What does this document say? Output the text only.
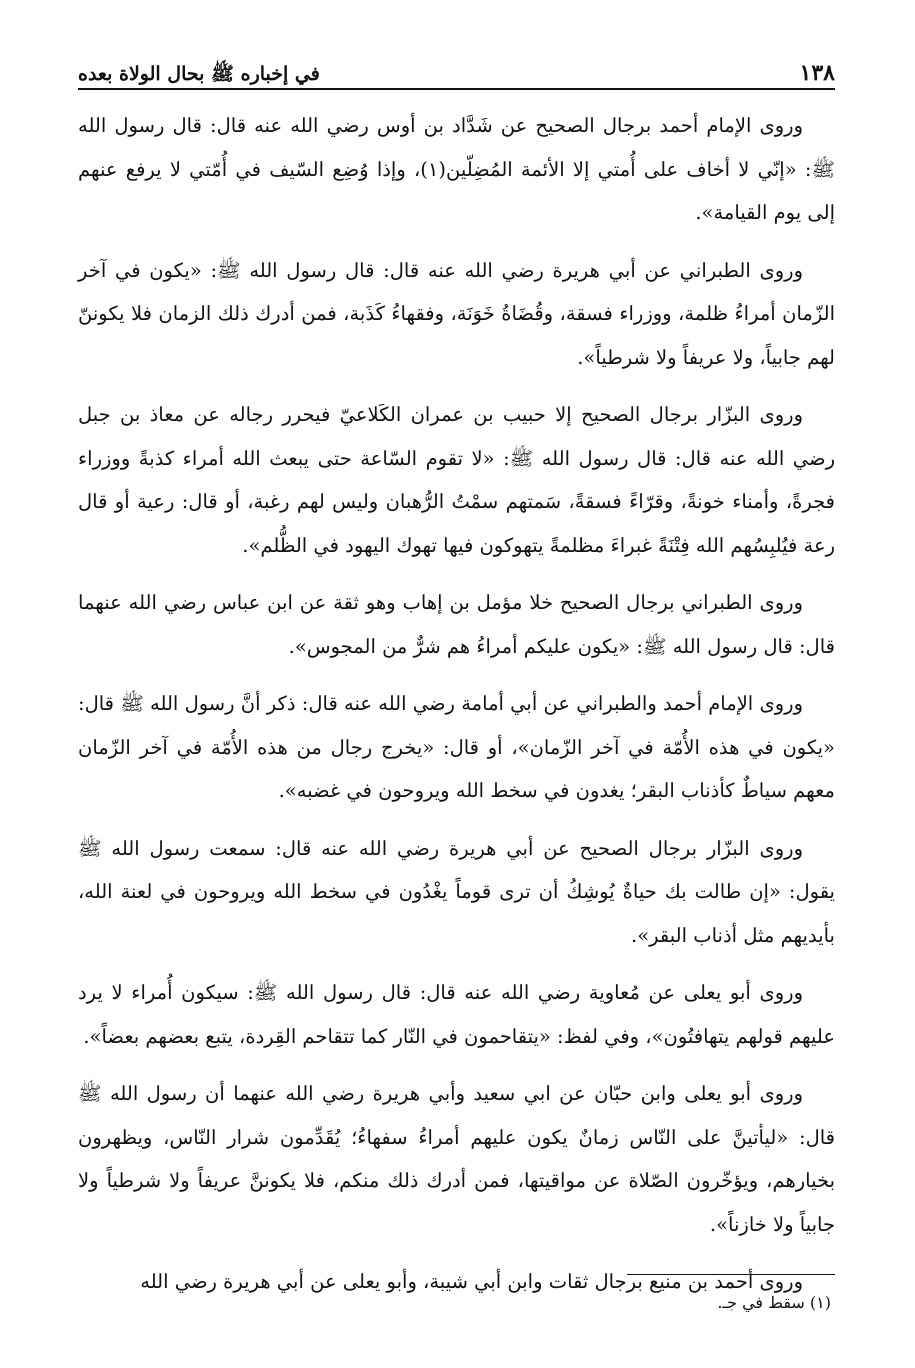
١٣٨
في إخباره ﷺ بحال الولاة بعده

وروى الإمام أحمد برجال الصحيح عن شَدَّاد بن أوس رضي الله عنه قال: قال رسول الله ﷺ: «إنّي لا أخاف على أُمتي إلا الأئمة المُضِلّين(١)، وإذا وُضِع السّيف في أُمّتي لا يرفع عنهم إلى يوم القيامة».

وروى الطبراني عن أبي هريرة رضي الله عنه قال: قال رسول الله ﷺ: «يكون في آخر الزّمان أمراءُ ظلمة، ووزراء فسقة، وقُضَاةُ خَوَنَة، وفقهاءُ كَذَبة، فمن أدرك ذلك الزمان فلا يكوننّ لهم جابياً، ولا عريفاً ولا شرطياً».

وروى البزّار برجال الصحيح إلا حبيب بن عمران الكَلاعيّ فيحرر رجاله عن معاذ بن جبل رضي الله عنه قال: قال رسول الله ﷺ: «لا تقوم السّاعة حتى يبعث الله أمراء كذبةً ووزراء فجرةً، وأمناء خونةً، وقرّاءً فسقةً، سَمتهم سمْتُ الرُّهبان وليس لهم رغبة، أو قال: رعية أو قال رعة فيُلبِسُهم الله فِتْنَةً غبراءَ مظلمةً يتهوكون فيها تهوك اليهود في الظُّلم».

وروى الطبراني برجال الصحيح خلا مؤمل بن إهاب وهو ثقة عن ابن عباس رضي الله عنهما قال: قال رسول الله ﷺ: «يكون عليكم أمراءُ هم شرٌّ من المجوس».

وروى الإمام أحمد والطبراني عن أبي أمامة رضي الله عنه قال: ذكر أنَّ رسول الله ﷺ قال: «يكون في هذه الأُمّة في آخر الزّمان»، أو قال: «يخرج رجال من هذه الأُمّة في آخر الزّمان معهم سياطٌ كأذناب البقر؛ يغدون في سخط الله ويروحون في غضبه».

وروى البزّار برجال الصحيح عن أبي هريرة رضي الله عنه قال: سمعت رسول الله ﷺ يقول: «إن طالت بك حياةٌ يُوشِكُ أن ترى قوماً يغْدُون في سخط الله ويروحون في لعنة الله، بأيديهم مثل أذناب البقر».

وروى أبو يعلى عن مُعاوية رضي الله عنه قال: قال رسول الله ﷺ: سيكون أُمراء لا يرد عليهم قولهم يتهافتُون»، وفي لفظ: «يتقاحمون في النّار كما تتقاحم القِردة، يتبع بعضهم بعضاً».

وروى أبو يعلى وابن حبّان عن ابي سعيد وأبي هريرة رضي الله عنهما أن رسول الله ﷺ قال: «ليأتينَّ على النّاس زمانٌ يكون عليهم أمراءُ سفهاءُ؛ يُقَدِّمون شرار النّاس، ويظهرون بخيارهم، ويؤخّرون الصّلاة عن مواقيتها، فمن أدرك ذلك منكم، فلا يكوننَّ عريفاً ولا شرطياً ولا جابياً ولا خازناً».

وروى أحمد بن منيع برجال ثقات وابن أبي شيبة، وأبو يعلى عن أبي هريرة رضي الله

(١) سقط في جـ.
